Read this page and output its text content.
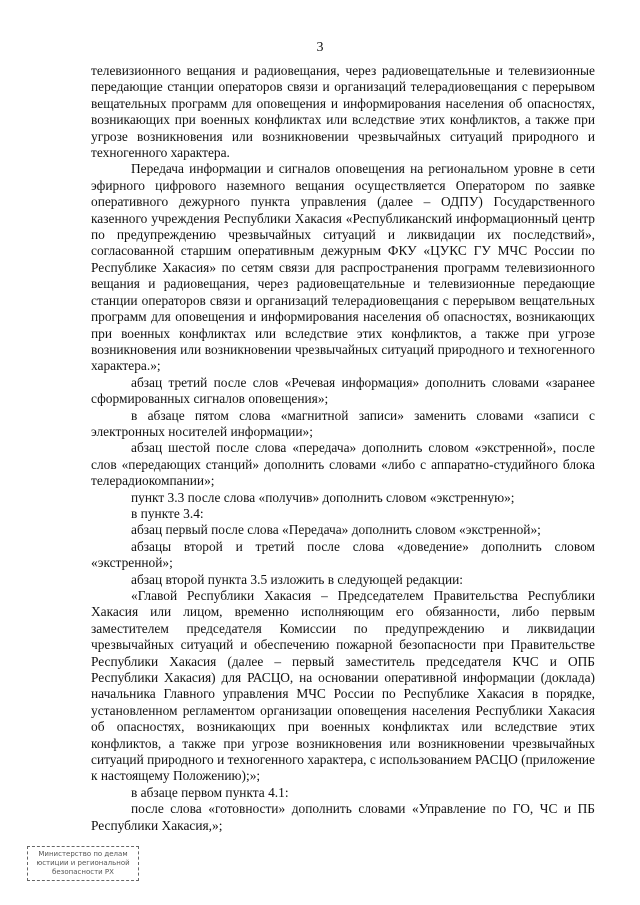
3

телевизионного вещания и радиовещания, через радиовещательные и телевизионные передающие станции операторов связи и организаций телерадиовещания с перерывом вещательных программ для оповещения и информирования населения об опасностях, возникающих при военных конфликтах или вследствие этих конфликтов, а также при угрозе возникновения или возникновении чрезвычайных ситуаций природного и техногенного характера.

Передача информации и сигналов оповещения на региональном уровне в сети эфирного цифрового наземного вещания осуществляется Оператором по заявке оперативного дежурного пункта управления (далее – ОДПУ) Государственного казенного учреждения Республики Хакасия «Республиканский информационный центр по предупреждению чрезвычайных ситуаций и ликвидации их последствий», согласованной старшим оперативным дежурным ФКУ «ЦУКС ГУ МЧС России по Республике Хакасия» по сетям связи для распространения программ телевизионного вещания и радиовещания, через радиовещательные и телевизионные передающие станции операторов связи и организаций телерадиовещания с перерывом вещательных программ для оповещения и информирования населения об опасностях, возникающих при военных конфликтах или вследствие этих конфликтов, а также при угрозе возникновения или возникновении чрезвычайных ситуаций природного и техногенного характера.»;

абзац третий после слов «Речевая информация» дополнить словами «заранее сформированных сигналов оповещения»;

в абзаце пятом слова «магнитной записи» заменить словами «записи с электронных носителей информации»;

абзац шестой после слова «передача» дополнить словом «экстренной», после слов «передающих станций» дополнить словами «либо с аппаратно-студийного блока телерадиокомпании»;

пункт 3.3 после слова «получив» дополнить словом «экстренную»;

в пункте 3.4:

абзац первый после слова «Передача» дополнить словом «экстренной»;

абзацы второй и третий после слова «доведение» дополнить словом «экстренной»;

абзац второй пункта 3.5 изложить в следующей редакции:

«Главой Республики Хакасия – Председателем Правительства Республики Хакасия или лицом, временно исполняющим его обязанности, либо первым заместителем председателя Комиссии по предупреждению и ликвидации чрезвычайных ситуаций и обеспечению пожарной безопасности при Правительстве Республики Хакасия (далее – первый заместитель председателя КЧС и ОПБ Республики Хакасия) для РАСЦО, на основании оперативной информации (доклада) начальника Главного управления МЧС России по Республике Хакасия в порядке, установленном регламентом организации оповещения населения Республики Хакасия об опасностях, возникающих при военных конфликтах или вследствие этих конфликтов, а также при угрозе возникновения или возникновении чрезвычайных ситуаций природного и техногенного характера, с использованием РАСЦО (приложение к настоящему Положению);»;

в абзаце первом пункта 4.1:

после слова «готовности» дополнить словами «Управление по ГО, ЧС и ПБ Республики Хакасия,»;

Министерство по делам
юстиции и региональной
безопасности РХ
